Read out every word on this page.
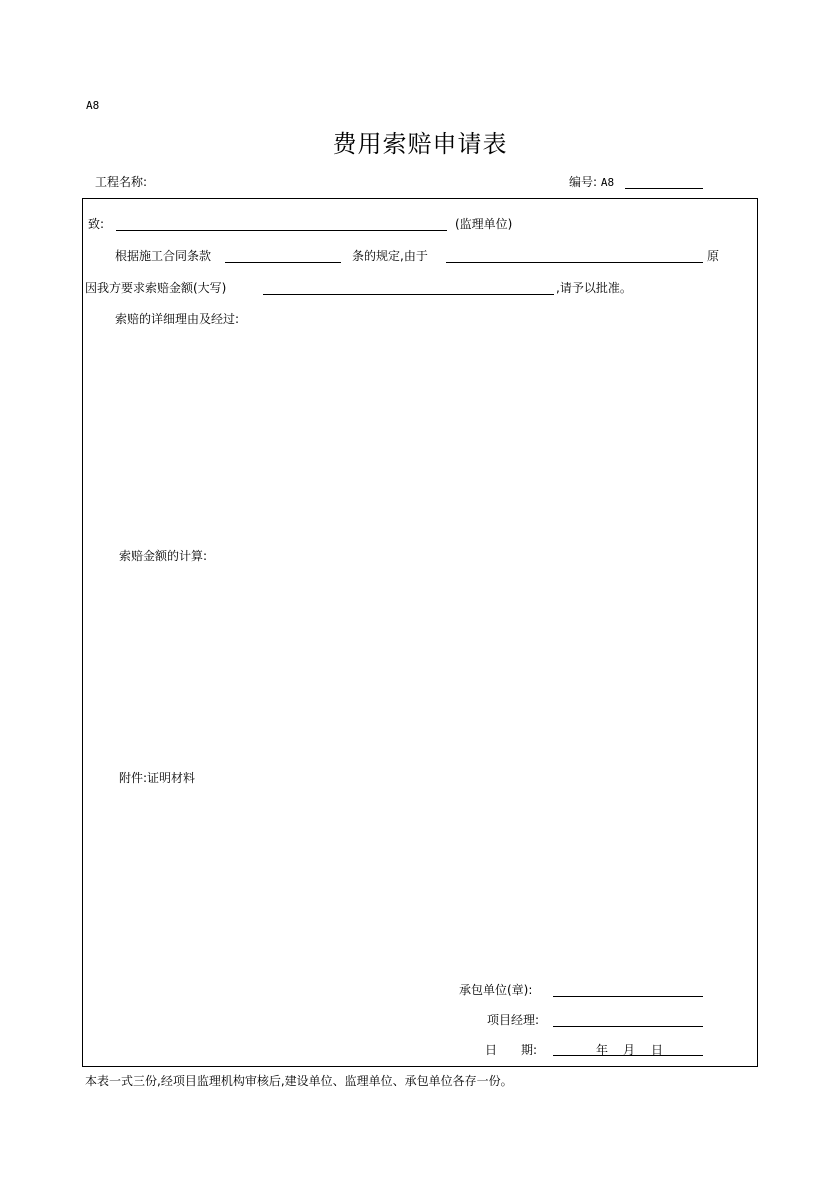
A8
费用索赔申请表
工程名称:	编号: A8
致:	(监理单位)
根据施工合同条款	条的规定,由于	原
因我方要求索赔金额(大写)	,请予以批准。
索赔的详细理由及经过:
索赔金额的计算:
附件:证明材料
承包单位(章):
项目经理:
日　　期:	年 月 日
本表一式三份,经项目监理机构审核后,建设单位、监理单位、承包单位各存一份。
